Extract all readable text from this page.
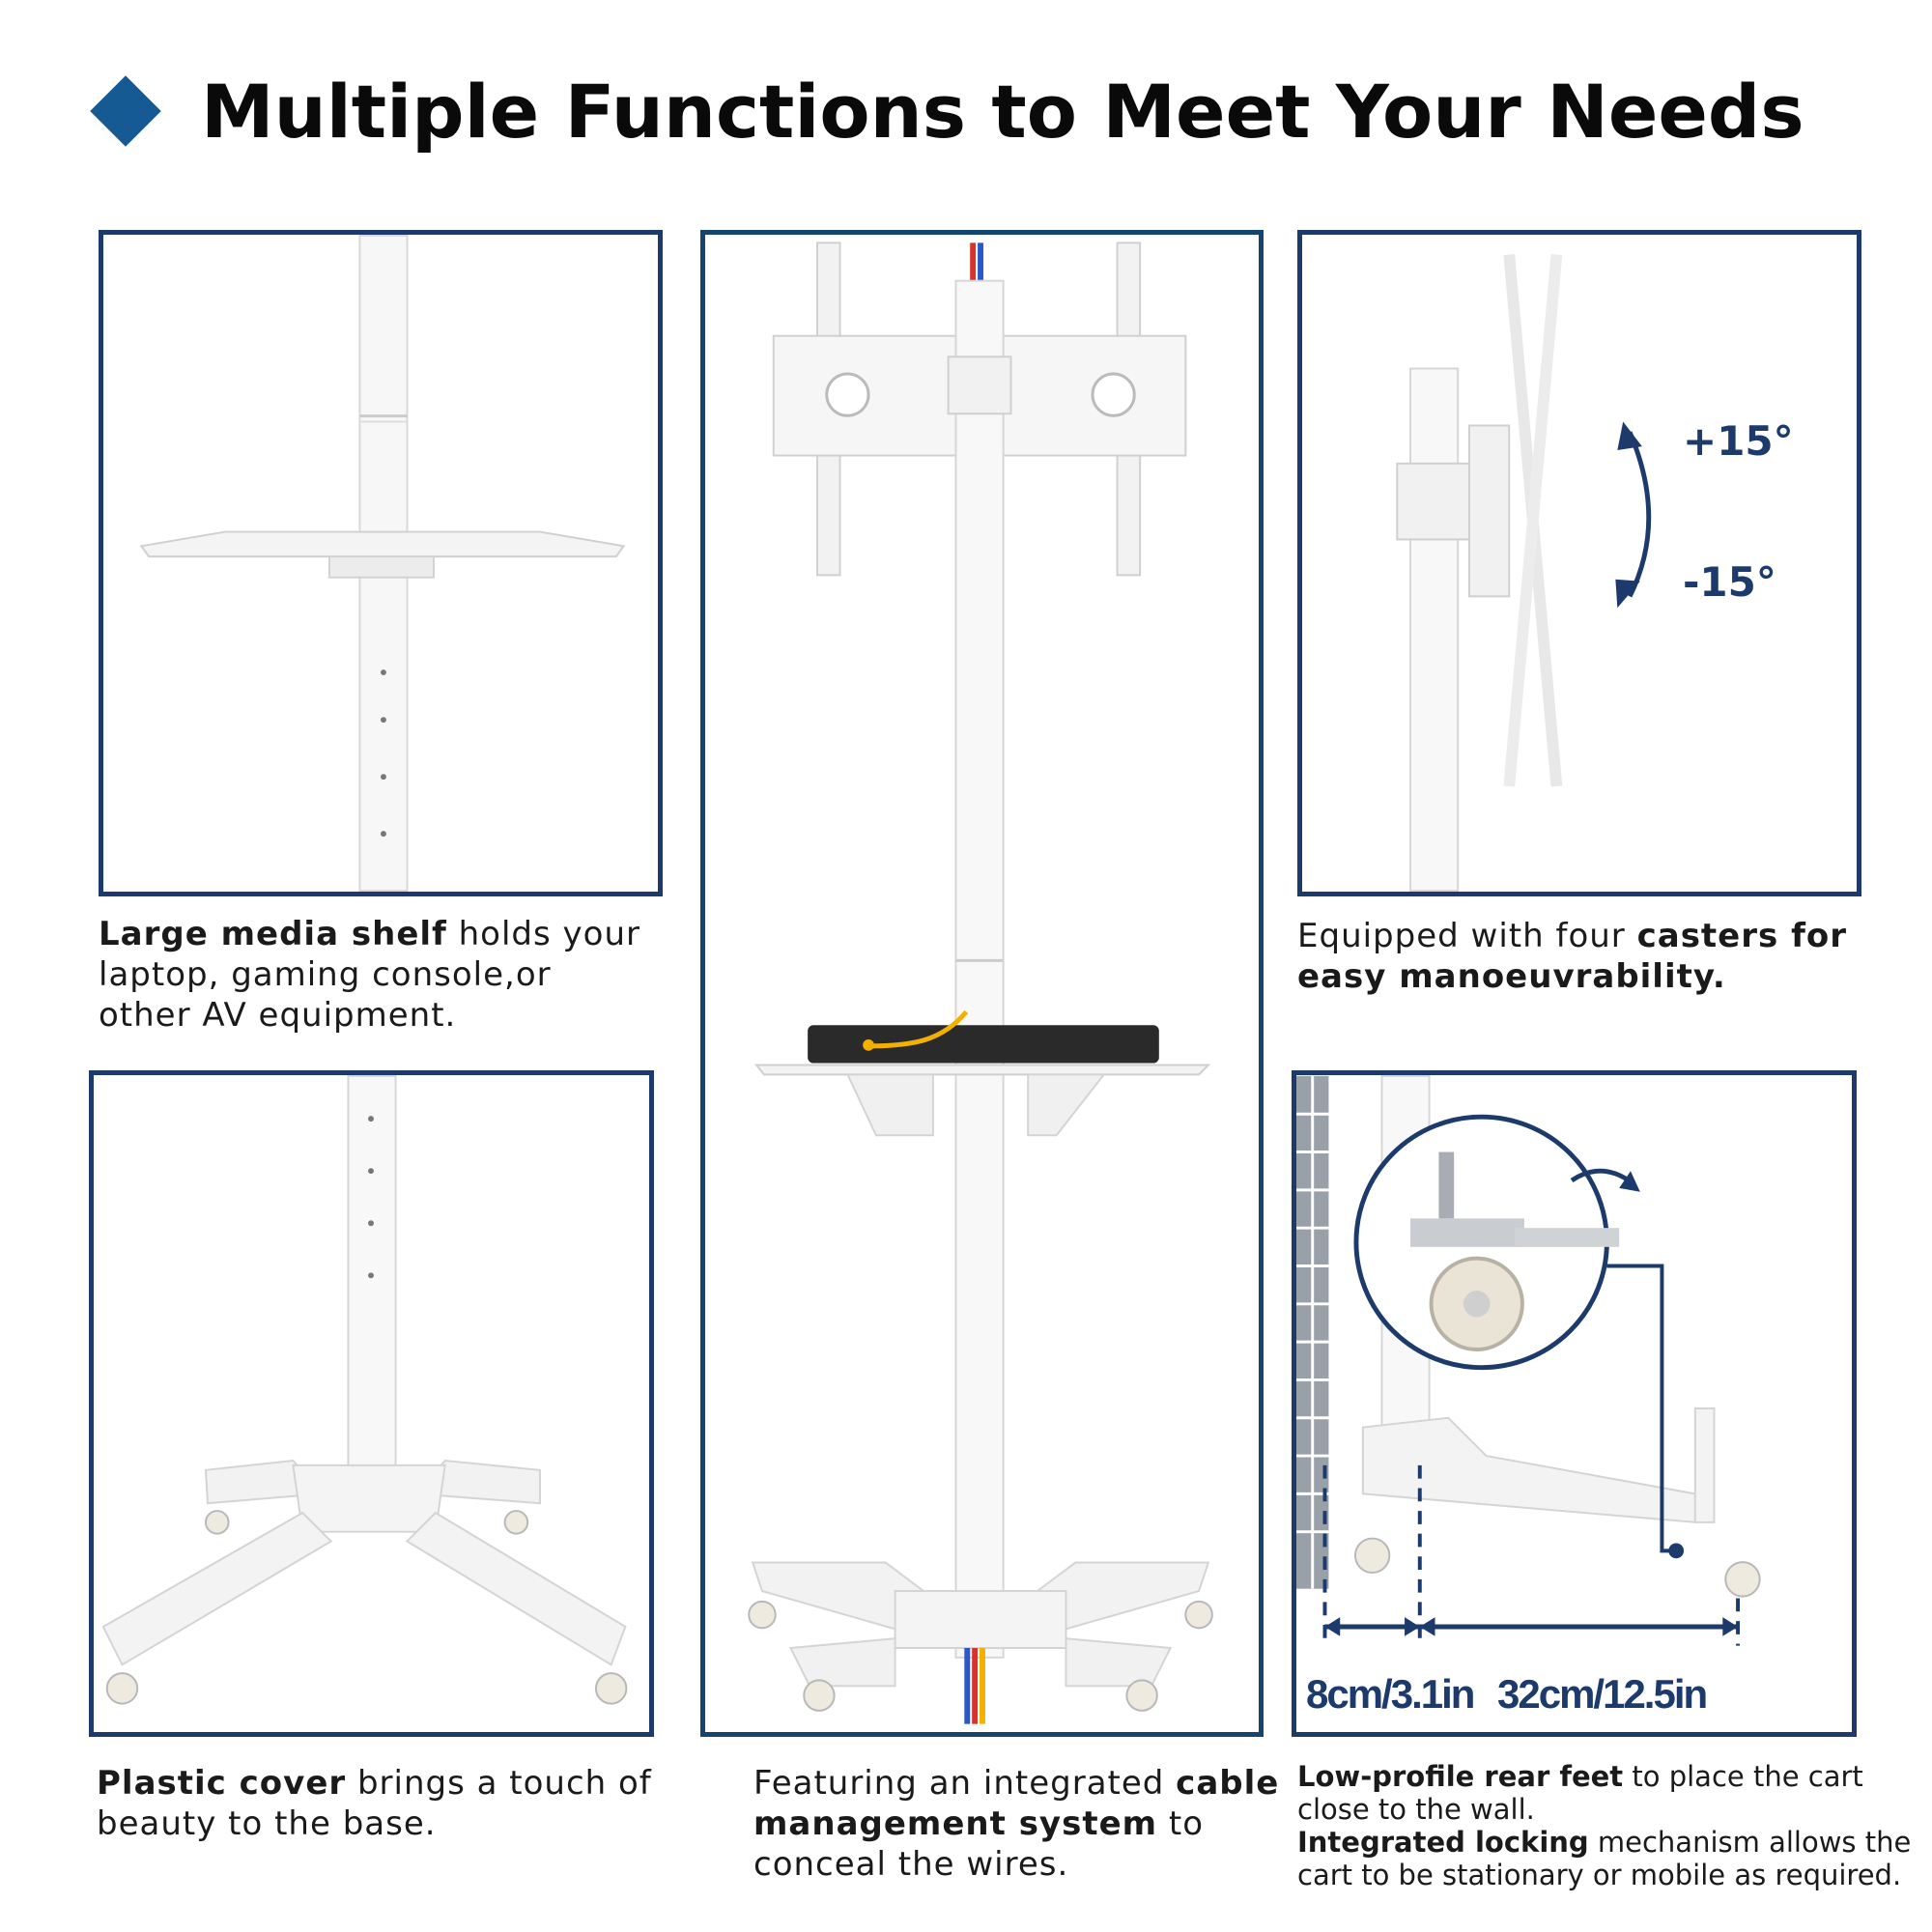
Multiple Functions to Meet Your Needs
Large media shelf holds your
laptop, gaming console,or
other AV equipment.
Featuring an integrated cable
management system to
conceal the wires.
+15°
-15°
Equipped with four casters for
easy manoeuvrability.
Plastic cover brings a touch of
beauty to the base.
8cm/3.1in 32cm/12.5in
Low-profile rear feet to place the cart
close to the wall.
Integrated locking mechanism allows the
cart to be stationary or mobile as required.
